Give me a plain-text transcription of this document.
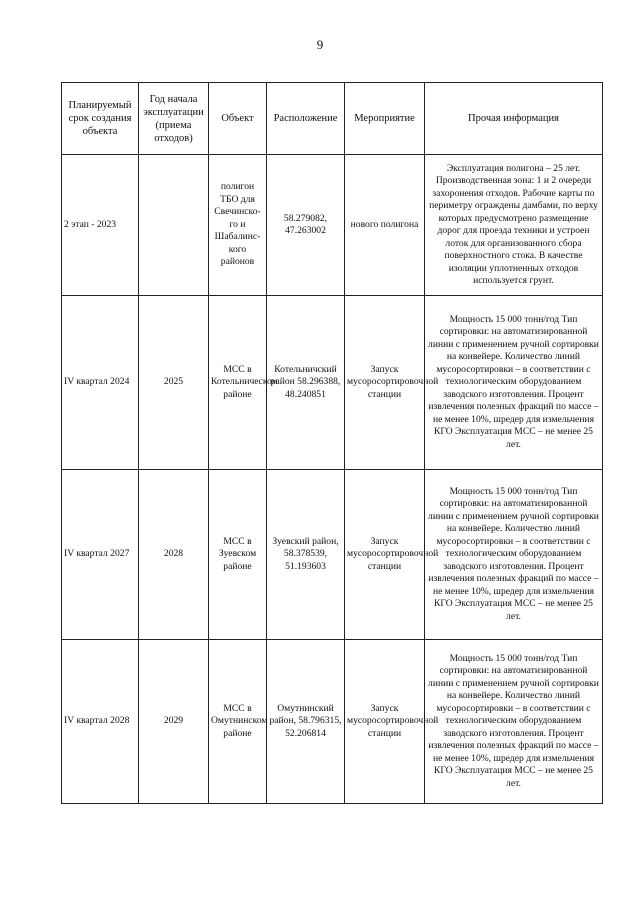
9
Планируемый срок создания объекта	Год начала эксплуатации (приема отходов)	Объект	Расположение	Мероприятие	Прочая информация
2 этап - 2023		полигон ТБО для Свечинско-го и Шабалинс-кого районов	58.279082, 47.263002	нового полигона	Эксплуатация полигона – 25 лет. Производственная зона: 1 и 2 очереди захоронения отходов. Рабочие карты по периметру ограждены дамбами, по верху которых предусмотрено размещение дорог для проезда техники и устроен лоток для организованного сбора поверхностного стока. В качестве изоляции уплотненных отходов используется грунт.
IV квартал 2024	2025	МСС в Котельничеcком районе	Котельничский район 58.296388, 48.240851	Запуск мусоросортировочной станции	Мощность 15 000 тонн/год Тип сортировки: на автоматизированной линии с применением ручной сортировки на конвейере. Количество линий мусоросортировки – в соответствии с технологическим оборудованием заводского изготовления. Процент извлечения полезных фракций по массе – не менее 10%, шредер для измельчения КГО Эксплуатация МСС – не менее 25 лет.
IV квартал 2027	2028	МСС в Зуевском районе	Зуевский район, 58.378539, 51.193603	Запуск мусоросортировочной станции	Мощность 15 000 тонн/год Тип сортировки: на автоматизированной линии с применением ручной сортировки на конвейере. Количество линий мусоросортировки – в соответствии с технологическим оборудованием заводского изготовления. Процент извлечения полезных фракций по массе – не менее 10%, шредер для измельчения КГО Эксплуатация МСС – не менее 25 лет.
IV квартал 2028	2029	МСС в Омутнинском районе	Омутнинский район, 58.796315, 52.206814	Запуск мусоросортировочной станции	Мощность 15 000 тонн/год Тип сортировки: на автоматизированной линии с применением ручной сортировки на конвейере. Количество линий мусоросортировки – в соответствии с технологическим оборудованием заводского изготовления. Процент извлечения полезных фракций по массе – не менее 10%, шредер для измельчения КГО Эксплуатация МСС – не менее 25 лет.
